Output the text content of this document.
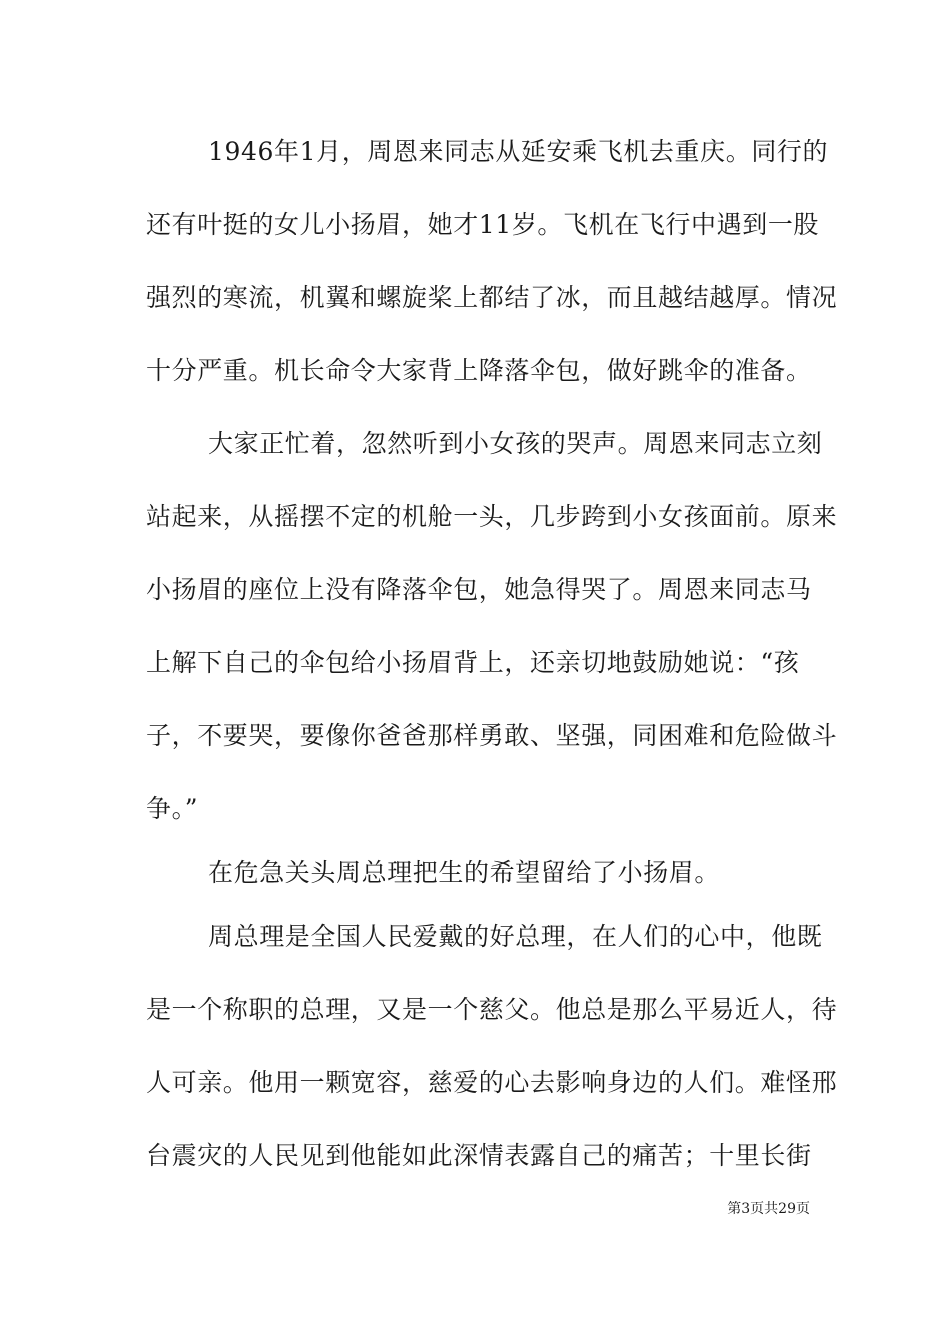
1946年1月，周恩来同志从延安乘飞机去重庆。同行的
还有叶挺的女儿小扬眉，她才11岁。飞机在飞行中遇到一股
强烈的寒流，机翼和螺旋桨上都结了冰，而且越结越厚。情况
十分严重。机长命令大家背上降落伞包，做好跳伞的准备。
大家正忙着，忽然听到小女孩的哭声。周恩来同志立刻
站起来，从摇摆不定的机舱一头，几步跨到小女孩面前。原来
小扬眉的座位上没有降落伞包，她急得哭了。周恩来同志马
上解下自己的伞包给小扬眉背上，还亲切地鼓励她说：“孩
子，不要哭，要像你爸爸那样勇敢、坚强，同困难和危险做斗
争。”
在危急关头周总理把生的希望留给了小扬眉。
周总理是全国人民爱戴的好总理，在人们的心中，他既
是一个称职的总理，又是一个慈父。他总是那么平易近人，待
人可亲。他用一颗宽容，慈爱的心去影响身边的人们。难怪邢
台震灾的人民见到他能如此深情表露自己的痛苦；十里长街
第3页共29页
